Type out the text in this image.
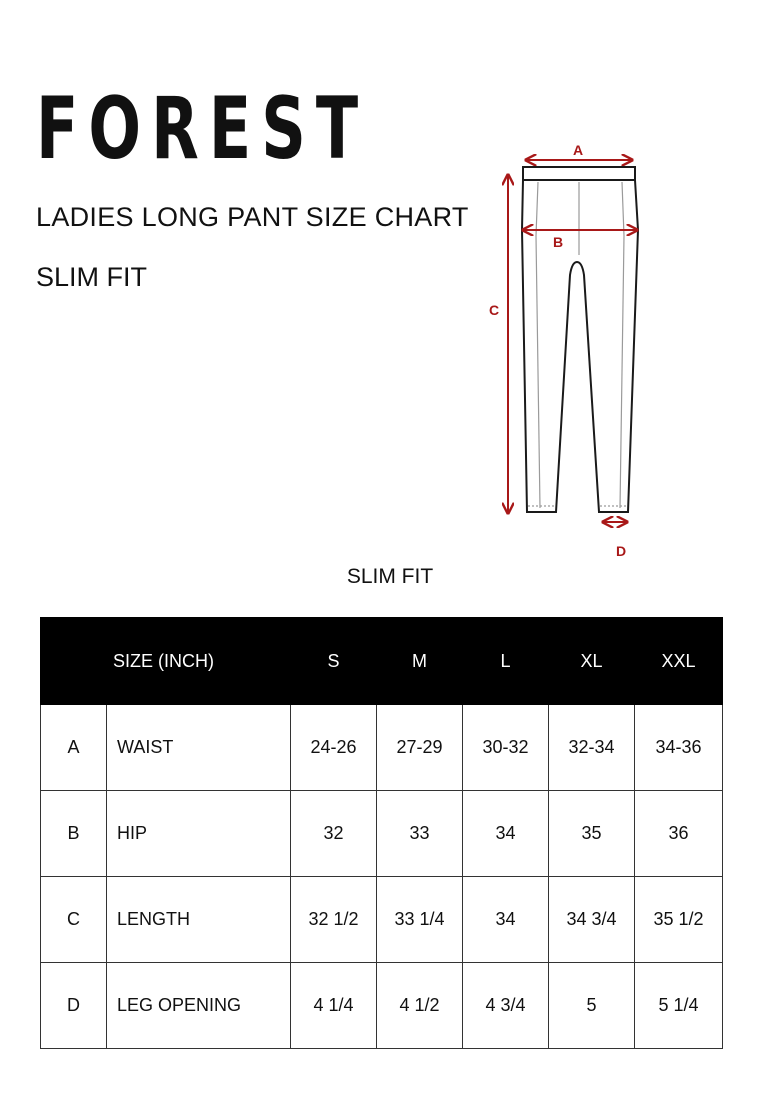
FOREST
LADIES LONG PANT SIZE CHART
SLIM FIT
A
B
C
D
SLIM FIT
SIZE (INCH)		S	M	L	XL	XXL
A	WAIST	24-26	27-29	30-32	32-34	34-36
B	HIP	32	33	34	35	36
C	LENGTH	32 1/2	33 1/4	34	34 3/4	35 1/2
D	LEG OPENING	4 1/4	4 1/2	4 3/4	5	5 1/4
